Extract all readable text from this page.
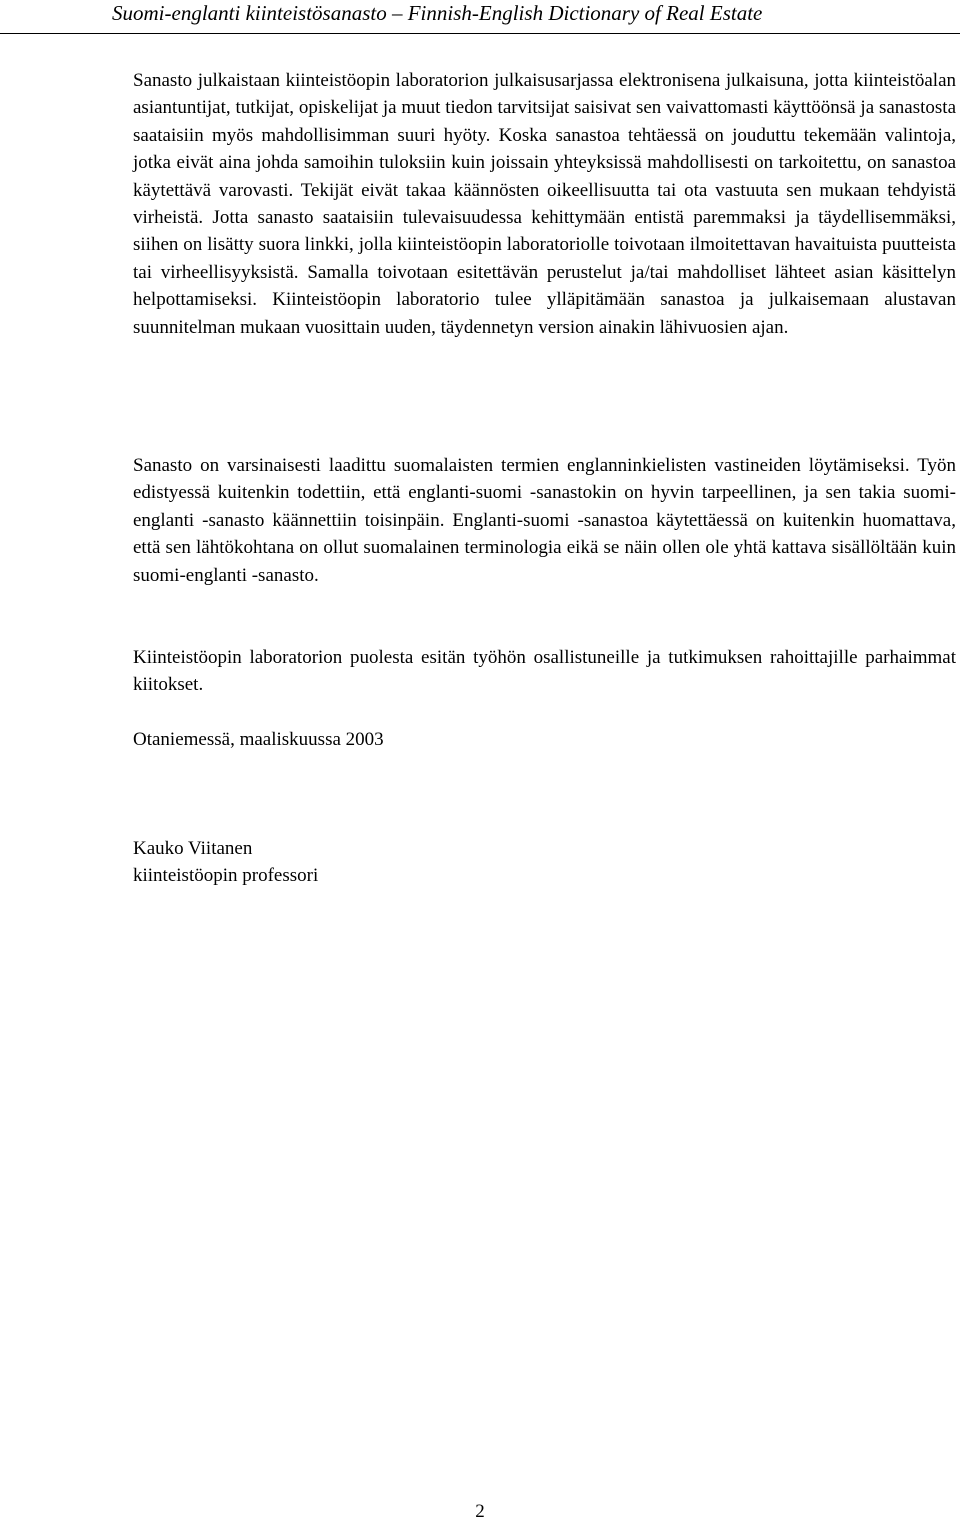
Suomi-englanti kiinteistösanasto – Finnish-English Dictionary of Real Estate

Sanasto julkaistaan kiinteistöopin laboratorion julkaisusarjassa elektronisena julkaisuna, jotta kiinteistöalan asiantuntijat, tutkijat, opiskelijat ja muut tiedon tarvitsijat saisivat sen vaivattomasti käyttöönsä ja sanastosta saataisiin myös mahdollisimman suuri hyöty. Koska sanastoa tehtäessä on jouduttu tekemään valintoja, jotka eivät aina johda samoihin tuloksiin kuin joissain yhteyksissä mahdollisesti on tarkoitettu, on sanastoa käytettävä varovasti. Tekijät eivät takaa käännösten oikeellisuutta tai ota vastuuta sen mukaan tehdyistä virheistä. Jotta sanasto saataisiin tulevaisuudessa kehittymään entistä paremmaksi ja täydellisemmäksi, siihen on lisätty suora linkki, jolla kiinteistöopin laboratoriolle toivotaan ilmoitettavan havaituista puutteista tai virheellisyyksistä. Samalla toivotaan esitettävän perustelut ja/tai mahdolliset lähteet asian käsittelyn helpottamiseksi. Kiinteistöopin laboratorio tulee ylläpitämään sanastoa ja julkaisemaan alustavan suunnitelman mukaan vuosittain uuden, täydennetyn version ainakin lähivuosien ajan.

Sanasto on varsinaisesti laadittu suomalaisten termien englanninkielisten vastineiden löytämiseksi. Työn edistyessä kuitenkin todettiin, että englanti-suomi -sanastokin on hyvin tarpeellinen, ja sen takia suomi-englanti -sanasto käännettiin toisinpäin. Englanti-suomi -sanastoa käytettäessä on kuitenkin huomattava, että sen lähtökohtana on ollut suomalainen terminologia eikä se näin ollen ole yhtä kattava sisällöltään kuin suomi-englanti -sanasto.

Kiinteistöopin laboratorion puolesta esitän työhön osallistuneille ja tutkimuksen rahoittajille parhaimmat kiitokset.

Otaniemessä, maaliskuussa 2003

Kauko Viitanen
kiinteistöopin professori
2
